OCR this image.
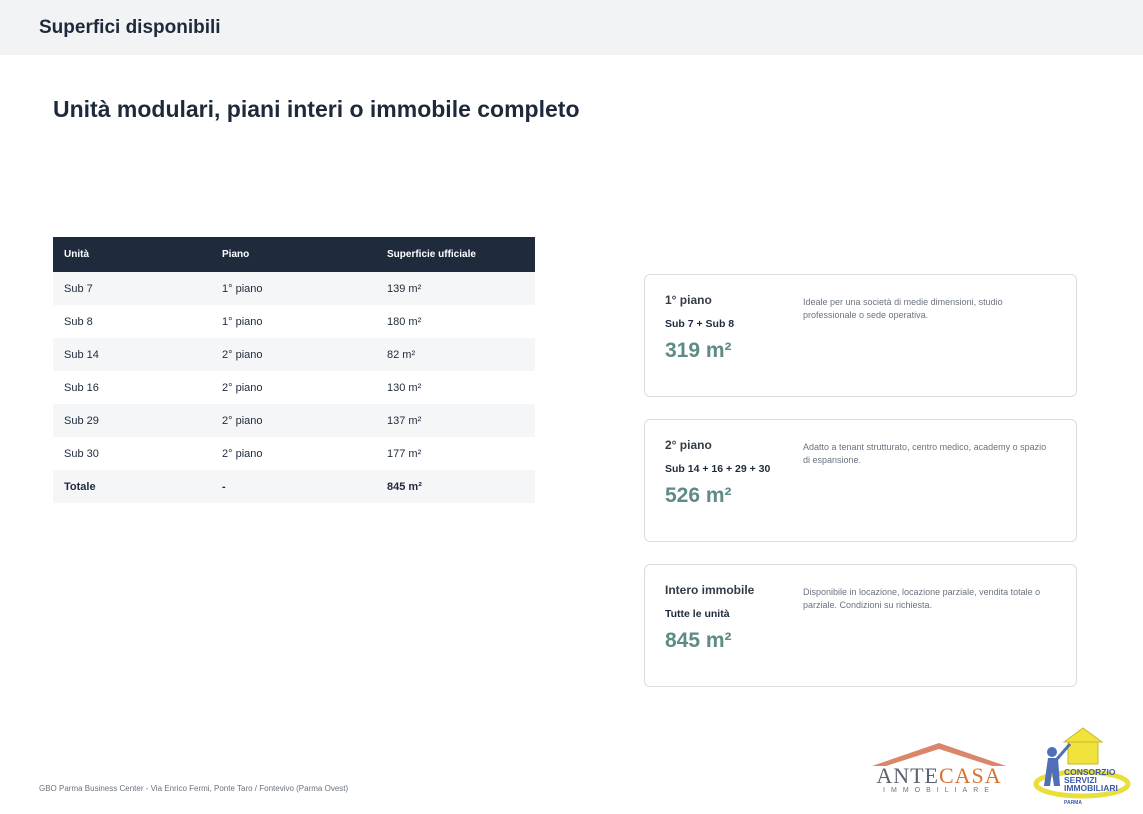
Superfici disponibili
Unità modulari, piani interi o immobile completo
Unità	Piano	Superficie ufficiale
Sub 7	1° piano	139 m²
Sub 8	1° piano	180 m²
Sub 14	2° piano	82 m²
Sub 16	2° piano	130 m²
Sub 29	2° piano	137 m²
Sub 30	2° piano	177 m²
Totale	-	845 m²
1° piano
Sub 7 + Sub 8
319 m²
Ideale per una società di medie dimensioni, studio professionale o sede operativa.
2° piano
Sub 14 + 16 + 29 + 30
526 m²
Adatto a tenant strutturato, centro medico, academy o spazio di espansione.
Intero immobile
Tutte le unità
845 m²
Disponibile in locazione, locazione parziale, vendita totale o parziale. Condizioni su richiesta.
GBO Parma Business Center - Via Enrico Fermi, Ponte Taro / Fontevivo (Parma Ovest)
ANTECASA
IMMOBILIARE
CONSORZIO
SERVIZI
IMMOBILIARI
PARMA
